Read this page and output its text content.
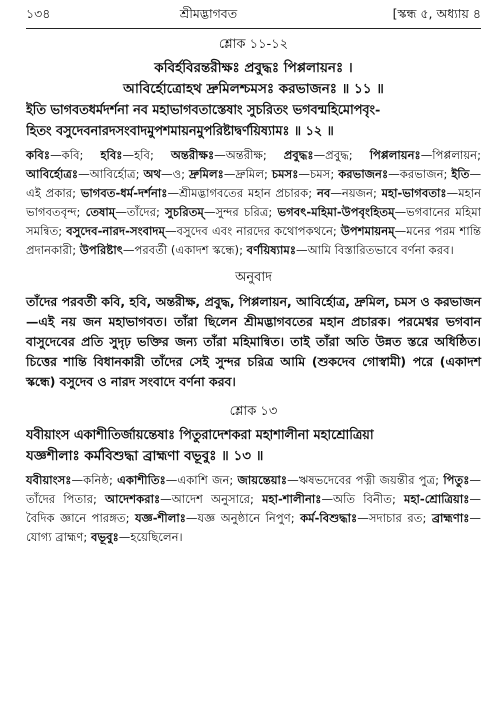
১৩৪	শ্রীমদ্ভাগবত	[স্কন্ধ ৫, অধ্যায় ৪
শ্লোক ১১-১২
কবির্হবিরন্তরীক্ষঃ প্রবুদ্ধঃ পিপ্পলায়নঃ ।
আবির্হোত্রোহথ দ্রুমিলশ্চমসঃ করভাজনঃ ॥ ১১ ॥
ইতি ভাগবতধর্মদর্শনা নব মহাভাগবতাস্তেষাং সুচরিতং ভগবন্মহিমোপবৃং-
হিতং বসুদেবনারদসংবাদমুপশমায়নমুপরিষ্টাদ্বর্ণয়িষ্যামঃ ॥ ১২ ॥
কবিঃ—কবি; হবিঃ—হবি; অন্তরীক্ষঃ—অন্তরীক্ষ; প্রবুদ্ধঃ—প্রবুদ্ধ; পিপ্পলায়নঃ—পিপ্পলায়ন; আবির্হোত্রঃ—আবির্হোত্র; অথ—ও; দ্রুমিলঃ—দ্রুমিল; চমসঃ—চমস; করভাজনঃ—করভাজন; ইতি—এই প্রকার; ভাগবত-ধর্ম-দর্শনাঃ—শ্রীমদ্ভাগবতের মহান প্রচারক; নব—নয়জন; মহা-ভাগবতাঃ—মহান ভাগবতবৃন্দ; তেষাম্—তাঁদের; সুচরিতম্—সুন্দর চরিত্র; ভগবৎ-মহিমা-উপবৃংহিতম্—ভগবানের মহিমা সমন্বিত; বসুদেব-নারদ-সংবাদম্—বসুদেব এবং নারদের কথোপকথনে; উপশমায়নম্—মনের পরম শান্তি প্রদানকারী; উপরিষ্টাৎ—পরবর্তী (একাদশ স্কন্ধে); বর্ণয়িষ্যামঃ—আমি বিস্তারিতভাবে বর্ণনা করব।
অনুবাদ
তাঁদের পরবর্তী কবি, হবি, অন্তরীক্ষ, প্রবুদ্ধ, পিপ্পলায়ন, আবির্হোত্র, দ্রুমিল, চমস ও করভাজন—এই নয় জন মহাভাগবত। তাঁরা ছিলেন শ্রীমদ্ভাগবতের মহান প্রচারক। পরমেশ্বর ভগবান বাসুদেবের প্রতি সুদৃঢ় ভক্তির জন্য তাঁরা মহিমান্বিত। তাই তাঁরা অতি উন্নত স্তরে অধিষ্ঠিত। চিত্তের শান্তি বিধানকারী তাঁদের সেই সুন্দর চরিত্র আমি (শুকদেব গোস্বামী) পরে (একাদশ স্কন্ধে) বসুদেব ও নারদ সংবাদে বর্ণনা করব।
শ্লোক ১৩
যবীয়াংস একাশীতির্জায়ন্তেষাঃ পিতুরাদেশকরা মহাশালীনা মহাশ্রোত্রিয়া
যজ্ঞশীলাঃ কর্মবিশুদ্ধা ব্রাহ্মণা বভূবুঃ ॥ ১৩ ॥
যবীয়াংসঃ—কনিষ্ঠ; একাশীতিঃ—একাশি জন; জায়ন্তেয়াঃ—ঋষভদেবের পত্নী জয়ন্তীর পুত্র; পিতুঃ—তাঁদের পিতার; আদেশকরাঃ—আদেশ অনুসারে; মহা-শালীনাঃ—অতি বিনীত; মহা-শ্রোত্রিয়াঃ—বৈদিক জ্ঞানে পারঙ্গত; যজ্ঞ-শীলাঃ—যজ্ঞ অনুষ্ঠানে নিপুণ; কর্ম-বিশুদ্ধাঃ—সদাচার রত; ব্রাহ্মণাঃ—যোগ্য ব্রাহ্মণ; বভূবুঃ—হয়েছিলেন।
